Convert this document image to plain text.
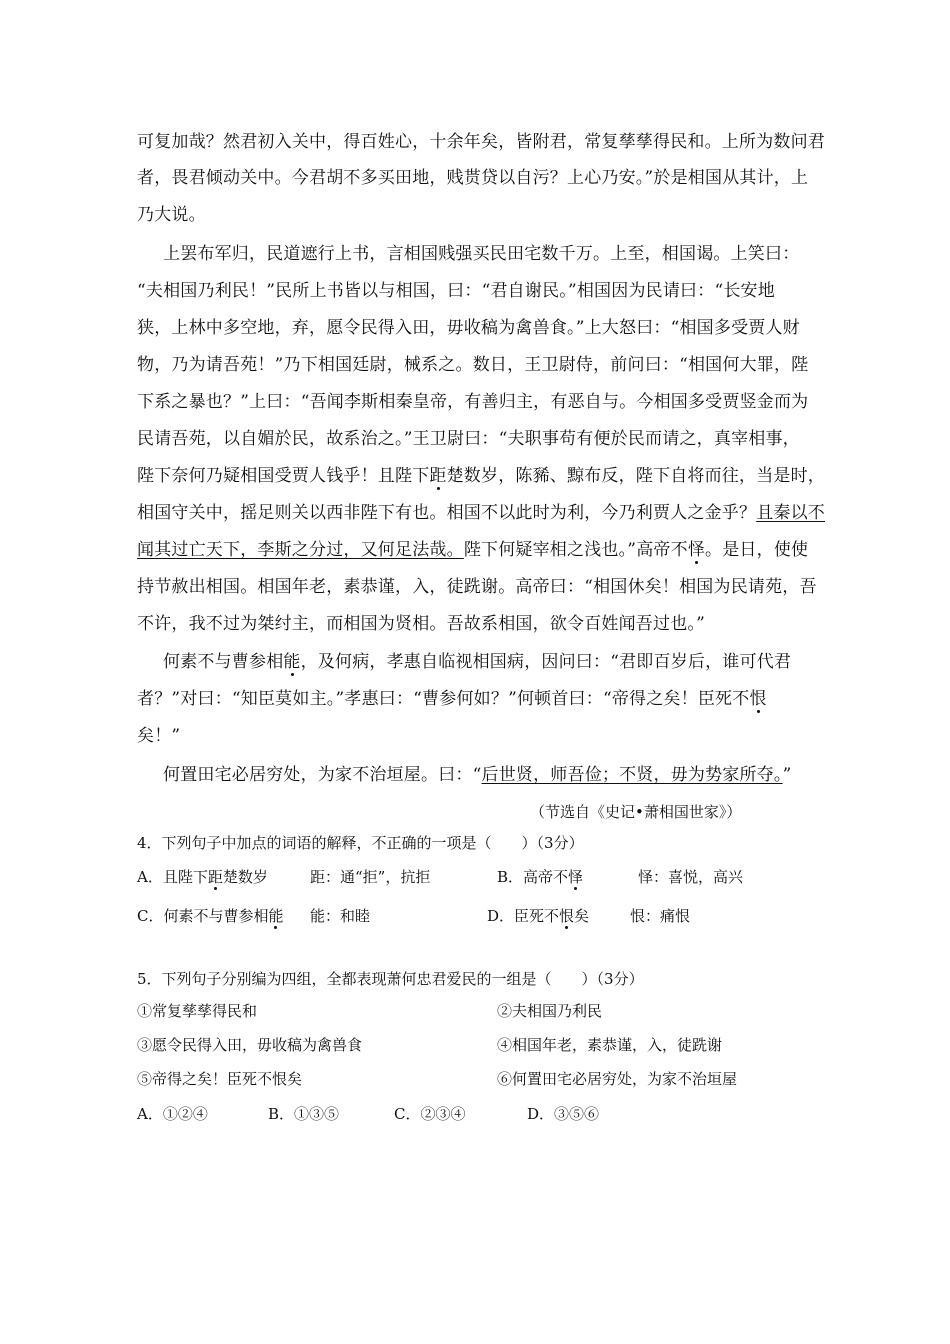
可复加哉？然君初入关中，得百姓心，十余年矣，皆附君，常复孳孳得民和。上所为数问君
者，畏君倾动关中。今君胡不多买田地，贱贳贷以自污？上心乃安。”於是相国从其计，上
乃大说。
上罢布军归，民道遮行上书，言相国贱强买民田宅数千万。上至，相国谒。上笑曰：
“夫相国乃利民！”民所上书皆以与相国，曰：“君自谢民。”相国因为民请曰：“长安地
狭，上林中多空地，弃，愿令民得入田，毋收稿为禽兽食。”上大怒曰：“相国多受贾人财
物，乃为请吾苑！”乃下相国廷尉，械系之。数日，王卫尉侍，前问曰：“相国何大罪，陛
下系之暴也？”上曰：“吾闻李斯相秦皇帝，有善归主，有恶自与。今相国多受贾竖金而为
民请吾苑，以自媚於民，故系治之。”王卫尉曰：“夫职事苟有便於民而请之，真宰相事，
陛下奈何乃疑相国受贾人钱乎！且陛下距楚数岁，陈豨、黥布反，陛下自将而往，当是时，
相国守关中，摇足则关以西非陛下有也。相国不以此时为利，今乃利贾人之金乎？且秦以不
闻其过亡天下，李斯之分过，又何足法哉。陛下何疑宰相之浅也。”高帝不怿。是日，使使
持节赦出相国。相国年老，素恭谨，入，徒跣谢。高帝曰：“相国休矣！相国为民请苑，吾
不许，我不过为桀纣主，而相国为贤相。吾故系相国，欲令百姓闻吾过也。”
何素不与曹参相能，及何病，孝惠自临视相国病，因问曰：“君即百岁后，谁可代君
者？”对曰：“知臣莫如主。”孝惠曰：“曹参何如？”何顿首曰：“帝得之矣！臣死不恨
矣！”
何置田宅必居穷处，为家不治垣屋。曰：“后世贤，师吾俭；不贤，毋为势家所夺。”
（节选自《史记•萧相国世家》）
4．下列句子中加点的词语的解释，不正确的一项是（　　）（3分）
A．且陛下距楚数岁	距：通“拒”，抗拒	B．高帝不怿	怿：喜悦，高兴
C．何素不与曹参相能 能：和睦	D．臣死不恨矣	恨：痛恨
5．下列句子分别编为四组，全都表现萧何忠君爱民的一组是（　　）（3分）
①常复孳孳得民和	②夫相国乃利民
③愿令民得入田，毋收稿为禽兽食	④相国年老，素恭谨，入，徒跣谢
⑤帝得之矣！臣死不恨矣	⑥何置田宅必居穷处，为家不治垣屋
A．①②④	B．①③⑤	C．②③④	D．③⑤⑥
